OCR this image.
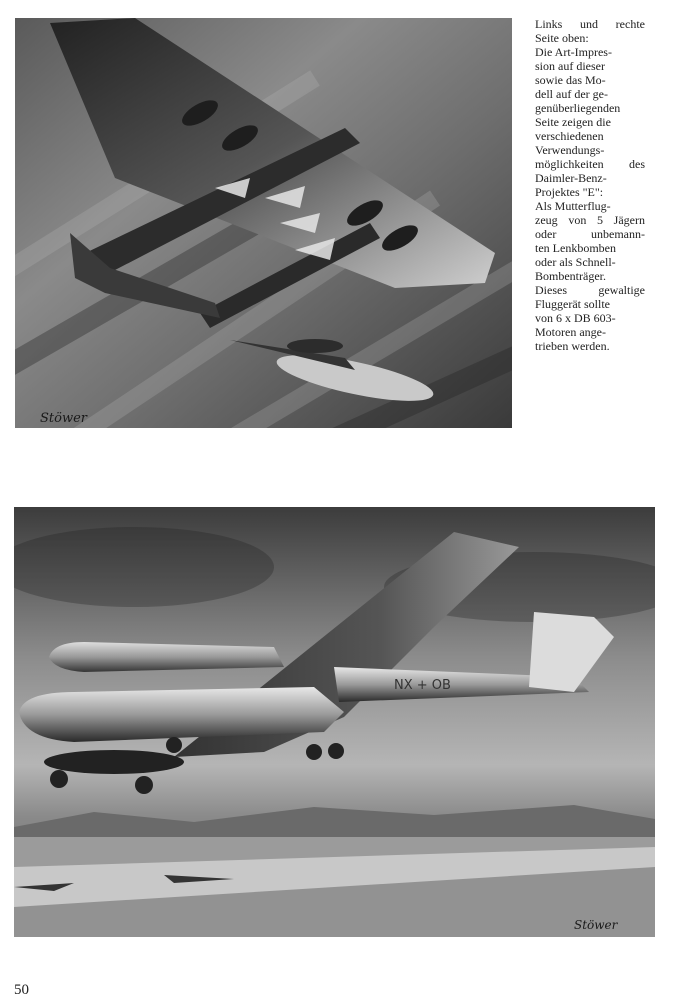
Stöwer
Links und rechte
Seite oben:
Die Art-Impres-
sion auf dieser
sowie das Mo-
dell auf der ge-
genüberliegenden
Seite zeigen die
verschiedenen
Verwendungs-
möglichkeiten des
Daimler-Benz-
Projektes "E":
Als Mutterflug-
zeug von 5 Jägern
oder unbemann-
ten Lenkbomben
oder als Schnell-
Bombenträger.
Dieses gewaltige
Fluggerät sollte
von 6 x DB 603-
Motoren ange-
trieben werden.
NX + OB
Stöwer
50
